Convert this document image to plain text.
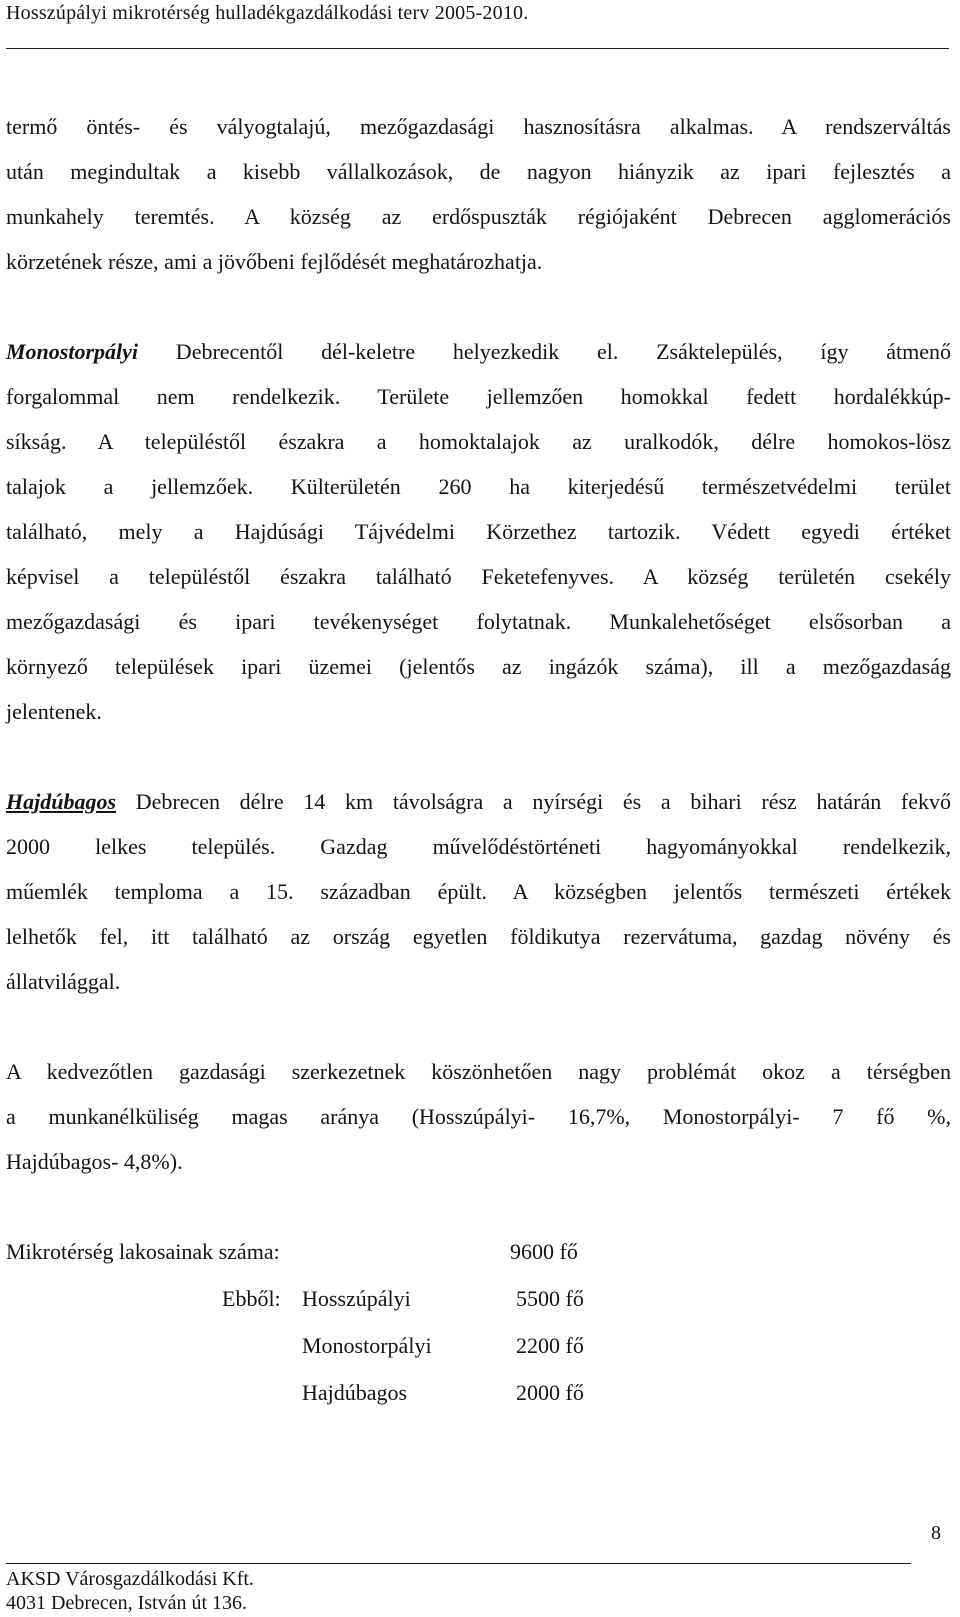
Hosszúpályi mikrotérség hulladékgazdálkodási terv 2005-2010.
termő öntés- és vályogtalajú, mezőgazdasági hasznosításra alkalmas. A rendszerváltás
után megindultak a kisebb vállalkozások, de nagyon hiányzik az ipari fejlesztés a
munkahely teremtés. A község az erdőspuszták régiójaként Debrecen agglomerációs
körzetének része, ami a jövőbeni fejlődését meghatározhatja.
Monostorpályi Debrecentől dél-keletre helyezkedik el. Zsáktelepülés, így átmenő
forgalommal nem rendelkezik. Területe jellemzően homokkal fedett hordalékkúp-
síkság. A településtől északra a homoktalajok az uralkodók, délre homokos-lösz
talajok a jellemzőek. Külterületén 260 ha kiterjedésű természetvédelmi terület
található, mely a Hajdúsági Tájvédelmi Körzethez tartozik. Védett egyedi értéket
képvisel a településtől északra található Feketefenyves. A község területén csekély
mezőgazdasági és ipari tevékenységet folytatnak. Munkalehetőséget elsősorban a
környező települések ipari üzemei (jelentős az ingázók száma), ill a mezőgazdaság
jelentenek.
Hajdúbagos Debrecen délre 14 km távolságra a nyírségi és a bihari rész határán fekvő
2000 lelkes település. Gazdag művelődéstörténeti hagyományokkal rendelkezik,
műemlék temploma a 15. században épült. A községben jelentős természeti értékek
lelhetők fel, itt található az ország egyetlen földikutya rezervátuma, gazdag növény és
állatvilággal.
A kedvezőtlen gazdasági szerkezetnek köszönhetően nagy problémát okoz a térségben
a munkanélküliség magas aránya (Hosszúpályi- 16,7%, Monostorpályi- 7 fő %,
Hajdúbagos- 4,8%).
Mikrotérség lakosainak száma:	9600 fő
Ebből: Hosszúpályi	5500 fő
Monostorpályi	2200 fő
Hajdúbagos	2000 fő
8
AKSD Városgazdálkodási Kft.
4031 Debrecen, István út 136.
